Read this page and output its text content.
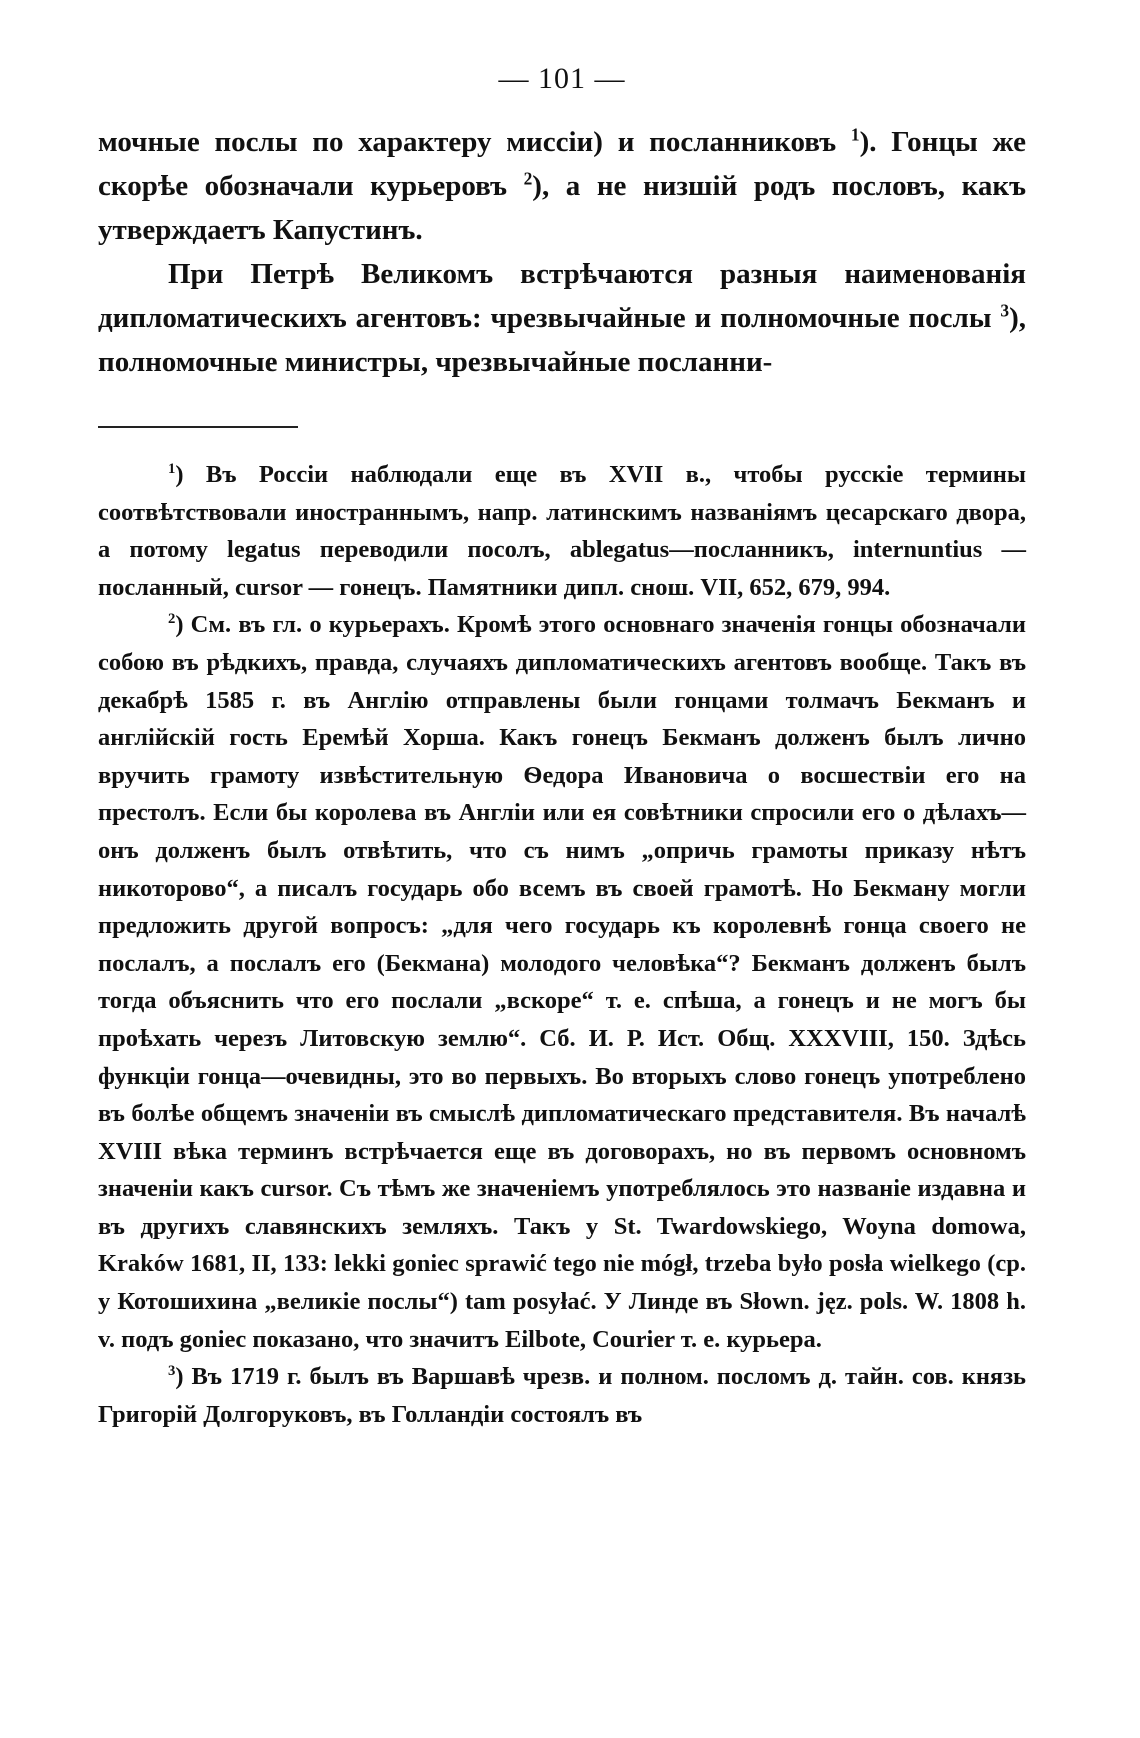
— 101 —

мочные послы по характеру миссіи) и посланниковъ $^1$). Гонцы же скорѣе обозначали курьеровъ $^2$), а не низшій родъ пословъ, какъ утверждаетъ Капустинъ.

При Петрѣ Великомъ встрѣчаются разныя наименованія дипломатическихъ агентовъ: чрезвычайные и полномочные послы $^3$), полномочные министры, чрезвычайные посланни-

$^1$) Въ Россіи наблюдали еще въ XVII в., чтобы русскіе термины соотвѣтствовали иностраннымъ, напр. латинскимъ названіямъ цесарскаго двора, а потому legatus переводили посолъ, ablegatus—посланникъ, internuntius — посланный, cursor — гонецъ. Памятники дипл. снош. VII, 652, 679, 994.

$^2$) См. въ гл. о курьерахъ. Кромѣ этого основнаго значенія гонцы обозначали собою въ рѣдкихъ, правда, случаяхъ дипломатическихъ агентовъ вообще. Такъ въ декабрѣ 1585 г. въ Англію отправлены были гонцами толмачъ Бекманъ и англійскій гость Еремѣй Хорша. Какъ гонецъ Бекманъ долженъ былъ лично вручить грамоту извѣстительную Ѳедора Ивановича о восшествіи его на престолъ. Если бы королева въ Англіи или ея совѣтники спросили его о дѣлахъ—онъ долженъ былъ отвѣтить, что съ нимъ „опричь грамоты приказу нѣтъ никоторово“, а писалъ государь обо всемъ въ своей грамотѣ. Но Бекману могли предложить другой вопросъ: „для чего государь къ королевнѣ гонца своего не послалъ, а послалъ его (Бекмана) молодого человѣка“? Бекманъ долженъ былъ тогда объяснить что его послали „вскоре“ т. е. спѣша, а гонецъ и не могъ бы проѣхать черезъ Литовскую землю“. Сб. И. Р. Ист. Общ. XXXVIII, 150. Здѣсь функціи гонца—очевидны, это во первыхъ. Во вторыхъ слово гонецъ употреблено въ болѣе общемъ значеніи въ смыслѣ дипломатическаго представителя. Въ началѣ XVIII вѣка терминъ встрѣчается еще въ договорахъ, но въ первомъ основномъ значеніи какъ cursor. Съ тѣмъ же значеніемъ употреблялось это названіе издавна и въ другихъ славянскихъ земляхъ. Такъ у St. Twardowskiego, Woyna domowa, Kraków 1681, II, 133: lekki goniec sprawić tego nie mógł, trzeba było posła wielkego (ср. у Котошихина „великіе послы“) tam posyłać. У Линде въ Słown. jęz. pols. W. 1808 h. v. подъ goniec показано, что значитъ Eilbote, Courier т. е. курьера.

$^3$) Въ 1719 г. былъ въ Варшавѣ чрезв. и полном. посломъ д. тайн. сов. князь Григорій Долгоруковъ, въ Голландіи состоялъ въ
